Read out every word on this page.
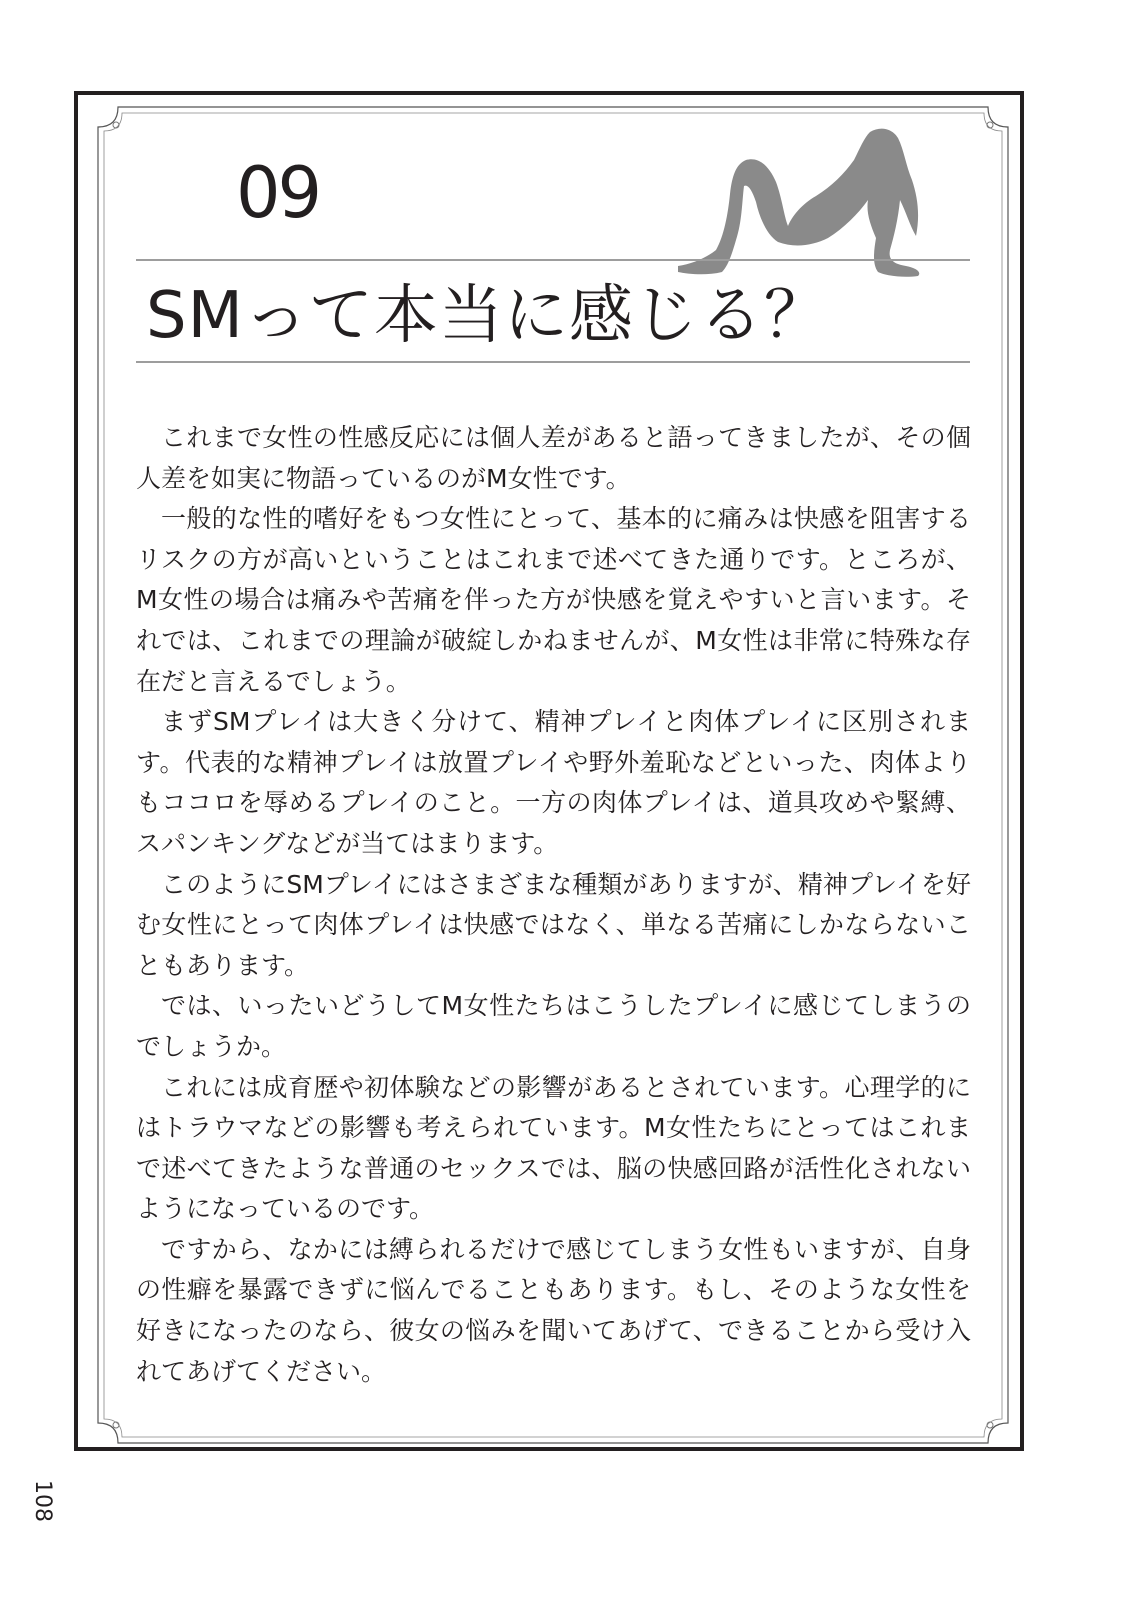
09
SMって本当に感じる？

これまで女性の性感反応には個人差があると語ってきましたが、その個人差を如実に物語っているのがM女性です。

一般的な性的嗜好をもつ女性にとって、基本的に痛みは快感を阻害するリスクの方が高いということはこれまで述べてきた通りです。ところが、M女性の場合は痛みや苦痛を伴った方が快感を覚えやすいと言います。それでは、これまでの理論が破綻しかねませんが、M女性は非常に特殊な存在だと言えるでしょう。

まずSMプレイは大きく分けて、精神プレイと肉体プレイに区別されます。代表的な精神プレイは放置プレイや野外羞恥などといった、肉体よりもココロを辱めるプレイのこと。一方の肉体プレイは、道具攻めや緊縛、スパンキングなどが当てはまります。

このようにSMプレイにはさまざまな種類がありますが、精神プレイを好む女性にとって肉体プレイは快感ではなく、単なる苦痛にしかならないこともあります。

では、いったいどうしてM女性たちはこうしたプレイに感じてしまうのでしょうか。

これには成育歴や初体験などの影響があるとされています。心理学的にはトラウマなどの影響も考えられています。M女性たちにとってはこれまで述べてきたような普通のセックスでは、脳の快感回路が活性化されないようになっているのです。

ですから、なかには縛られるだけで感じてしまう女性もいますが、自身の性癖を暴露できずに悩んでることもあります。もし、そのような女性を好きになったのなら、彼女の悩みを聞いてあげて、できることから受け入れてあげてください。

108
